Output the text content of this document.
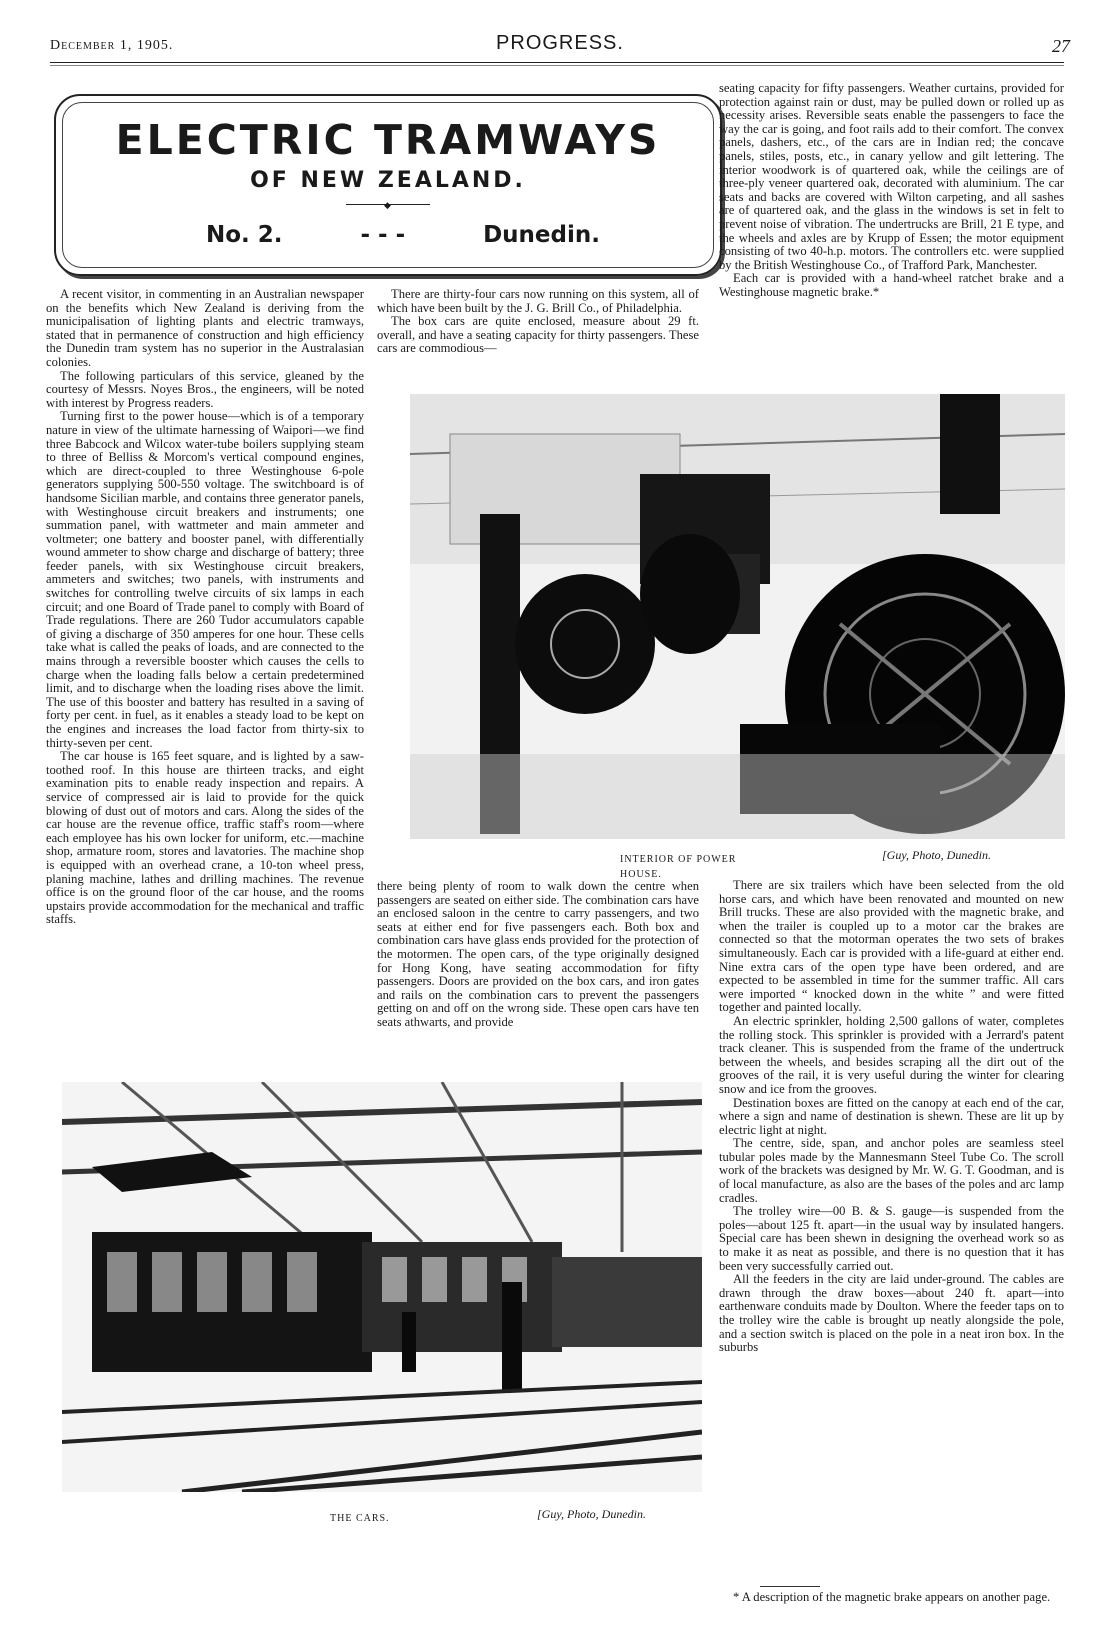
December 1, 1905.	PROGRESS.	27
ELECTRIC TRAMWAYS
OF NEW ZEALAND.
◆
No. 2.	- - -	Dunedin.

seating capacity for fifty passengers. Weather curtains, provided for protection against rain or dust, may be pulled down or rolled up as necessity arises. Reversible seats enable the passengers to face the way the car is going, and foot rails add to their comfort. The convex panels, dashers, etc., of the cars are in Indian red; the concave panels, stiles, posts, etc., in canary yellow and gilt lettering. The interior woodwork is of quartered oak, while the ceilings are of three-ply veneer quartered oak, decorated with aluminium. The car seats and backs are covered with Wilton carpeting, and all sashes are of quartered oak, and the glass in the windows is set in felt to prevent noise of vibration. The undertrucks are Brill, 21 E type, and the wheels and axles are by Krupp of Essen; the motor equipment consisting of two 40-h.p. motors. The controllers etc. were supplied by the British Westinghouse Co., of Trafford Park, Manchester.

Each car is provided with a hand-wheel ratchet brake and a Westinghouse magnetic brake.*

A recent visitor, in commenting in an Australian newspaper on the benefits which New Zealand is deriving from the municipalisation of lighting plants and electric tramways, stated that in permanence of construction and high efficiency the Dunedin tram system has no superior in the Australasian colonies.

The following particulars of this service, gleaned by the courtesy of Messrs. Noyes Bros., the engineers, will be noted with interest by Progress readers.

Turning first to the power house—which is of a temporary nature in view of the ultimate harnessing of Waipori—we find three Babcock and Wilcox water-tube boilers supplying steam to three of Belliss & Morcom's vertical compound engines, which are direct-coupled to three Westinghouse 6-pole generators supplying 500-550 voltage. The switchboard is of handsome Sicilian marble, and contains three generator panels, with Westinghouse circuit breakers and instruments; one summation panel, with wattmeter and main ammeter and voltmeter; one battery and booster panel, with differentially wound ammeter to show charge and discharge of battery; three feeder panels, with six Westinghouse circuit breakers, ammeters and switches; two panels, with instruments and switches for controlling twelve circuits of six lamps in each circuit; and one Board of Trade panel to comply with Board of Trade regulations. There are 260 Tudor accumulators capable of giving a discharge of 350 amperes for one hour. These cells take what is called the peaks of loads, and are connected to the mains through a reversible booster which causes the cells to charge when the loading falls below a certain predetermined limit, and to discharge when the loading rises above the limit. The use of this booster and battery has resulted in a saving of forty per cent. in fuel, as it enables a steady load to be kept on the engines and increases the load factor from thirty-six to thirty-seven per cent.

The car house is 165 feet square, and is lighted by a saw-toothed roof. In this house are thirteen tracks, and eight examination pits to enable ready inspection and repairs. A service of compressed air is laid to provide for the quick blowing of dust out of motors and cars. Along the sides of the car house are the revenue office, traffic staff's room—where each employee has his own locker for uniform, etc.—machine shop, armature room, stores and lavatories. The machine shop is equipped with an overhead crane, a 10-ton wheel press, planing machine, lathes and drilling machines. The revenue office is on the ground floor of the car house, and the rooms upstairs provide accommodation for the mechanical and traffic staffs.

There are thirty-four cars now running on this system, all of which have been built by the J. G. Brill Co., of Philadelphia.

The box cars are quite enclosed, measure about 29 ft. overall, and have a seating capacity for thirty passengers. These cars are commodious—

INTERIOR OF POWER HOUSE.
[Guy, Photo, Dunedin.

there being plenty of room to walk down the centre when passengers are seated on either side. The combination cars have an enclosed saloon in the centre to carry passengers, and two seats at either end for five passengers each. Both box and combination cars have glass ends provided for the protection of the motormen. The open cars, of the type originally designed for Hong Kong, have seating accommodation for fifty passengers. Doors are provided on the box cars, and iron gates and rails on the combination cars to prevent the passengers getting on and off on the wrong side. These open cars have ten seats athwarts, and provide

There are six trailers which have been selected from the old horse cars, and which have been renovated and mounted on new Brill trucks. These are also provided with the magnetic brake, and when the trailer is coupled up to a motor car the brakes are connected so that the motorman operates the two sets of brakes simultaneously. Each car is provided with a life-guard at either end. Nine extra cars of the open type have been ordered, and are expected to be assembled in time for the summer traffic. All cars were imported “ knocked down in the white ” and were fitted together and painted locally.

An electric sprinkler, holding 2,500 gallons of water, completes the rolling stock. This sprinkler is provided with a Jerrard's patent track cleaner. This is suspended from the frame of the undertruck between the wheels, and besides scraping all the dirt out of the grooves of the rail, it is very useful during the winter for clearing snow and ice from the grooves.

Destination boxes are fitted on the canopy at each end of the car, where a sign and name of destination is shewn. These are lit up by electric light at night.

The centre, side, span, and anchor poles are seamless steel tubular poles made by the Mannesmann Steel Tube Co. The scroll work of the brackets was designed by Mr. W. G. T. Goodman, and is of local manufacture, as also are the bases of the poles and arc lamp cradles.

The trolley wire—00 B. & S. gauge—is suspended from the poles—about 125 ft. apart—in the usual way by insulated hangers. Special care has been shewn in designing the overhead work so as to make it as neat as possible, and there is no question that it has been very successfully carried out.

All the feeders in the city are laid under-ground. The cables are drawn through the draw boxes—about 240 ft. apart—into earthenware conduits made by Doulton. Where the feeder taps on to the trolley wire the cable is brought up neatly alongside the pole, and a section switch is placed on the pole in a neat iron box. In the suburbs

THE CARS.	[Guy, Photo, Dunedin.

* A description of the magnetic brake appears on another page.
